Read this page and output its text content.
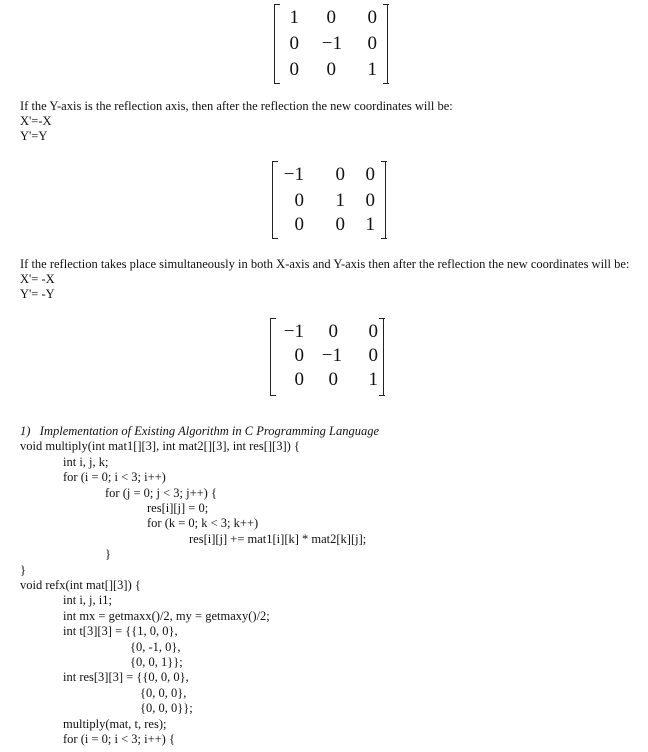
1	0	0
0	−1	0
0	0	1
If the Y-axis is the reflection axis, then after the reflection the new coordinates will be:
X'=-X
Y'=Y
−1	0	0
0	1	0
0	0	1
If the reflection takes place simultaneously in both X-axis and Y-axis then after the reflection the new coordinates will be:
X'= -X
Y'= -Y
−1	0	0
0 −1	0
0	0	1
1)   Implementation of Existing Algorithm in C Programming Language
void multiply(int mat1[][3], int mat2[][3], int res[][3]) {
int i, j, k;
for (i = 0; i < 3; i++)
for (j = 0; j < 3; j++) {
res[i][j] = 0;
for (k = 0; k < 3; k++)
res[i][j] += mat1[i][k] * mat2[k][j];
}
}
void refx(int mat[][3]) {
int i, j, i1;
int mx = getmaxx()/2, my = getmaxy()/2;
int t[3][3] = {{1, 0, 0},
{0, -1, 0},
{0, 0, 1}};
int res[3][3] = {{0, 0, 0},
{0, 0, 0},
{0, 0, 0}};
multiply(mat, t, res);
for (i = 0; i < 3; i++) {
